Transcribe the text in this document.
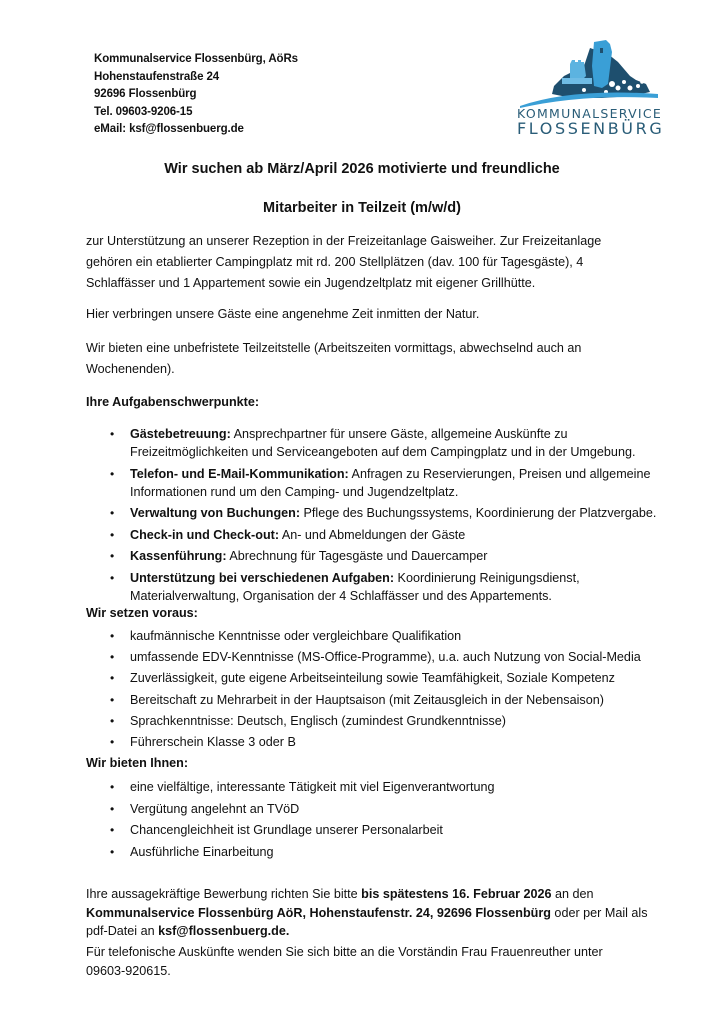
Kommunalservice Flossenbürg, AöRs
Hohenstaufenstraße 24
92696 Flossenbürg
Tel. 09603-9206-15
eMail: ksf@flossenbuerg.de
KOMMUNALSERVICE
FLOSSENBÜRG
Wir suchen ab März/April 2026 motivierte und freundliche
Mitarbeiter in Teilzeit (m/w/d)
zur Unterstützung an unserer Rezeption in der Freizeitanlage Gaisweiher. Zur Freizeitanlage
gehören ein etablierter Campingplatz mit rd. 200 Stellplätzen (dav. 100 für Tagesgäste), 4
Schlaffässer und 1 Appartement sowie ein Jugendzeltplatz mit eigener Grillhütte.
Hier verbringen unsere Gäste eine angenehme Zeit inmitten der Natur.
Wir bieten eine unbefristete Teilzeitstelle (Arbeitszeiten vormittags, abwechselnd auch an
Wochenenden).
Ihre Aufgabenschwerpunkte:
• Gästebetreuung: Ansprechpartner für unsere Gäste, allgemeine Auskünfte zu
Freizeitmöglichkeiten und Serviceangeboten auf dem Campingplatz und in der Umgebung.
• Telefon- und E-Mail-Kommunikation: Anfragen zu Reservierungen, Preisen und allgemeine
Informationen rund um den Camping- und Jugendzeltplatz.
• Verwaltung von Buchungen: Pflege des Buchungssystems, Koordinierung der Platzvergabe.
• Check-in und Check-out: An- und Abmeldungen der Gäste
• Kassenführung: Abrechnung für Tagesgäste und Dauercamper
• Unterstützung bei verschiedenen Aufgaben: Koordinierung Reinigungsdienst,
Materialverwaltung, Organisation der 4 Schlaffässer und des Appartements.
Wir setzen voraus:
• kaufmännische Kenntnisse oder vergleichbare Qualifikation
• umfassende EDV-Kenntnisse (MS-Office-Programme), u.a. auch Nutzung von Social-Media
• Zuverlässigkeit, gute eigene Arbeitseinteilung sowie Teamfähigkeit, Soziale Kompetenz
• Bereitschaft zu Mehrarbeit in der Hauptsaison (mit Zeitausgleich in der Nebensaison)
• Sprachkenntnisse: Deutsch, Englisch (zumindest Grundkenntnisse)
• Führerschein Klasse 3 oder B
Wir bieten Ihnen:
• eine vielfältige, interessante Tätigkeit mit viel Eigenverantwortung
• Vergütung angelehnt an TVöD
• Chancengleichheit ist Grundlage unserer Personalarbeit
• Ausführliche Einarbeitung
Ihre aussagekräftige Bewerbung richten Sie bitte bis spätestens 16. Februar 2026 an den
Kommunalservice Flossenbürg AöR, Hohenstaufenstr. 24, 92696 Flossenbürg oder per Mail als
pdf-Datei an ksf@flossenbuerg.de.
Für telefonische Auskünfte wenden Sie sich bitte an die Vorständin Frau Frauenreuther unter
09603-920615.
